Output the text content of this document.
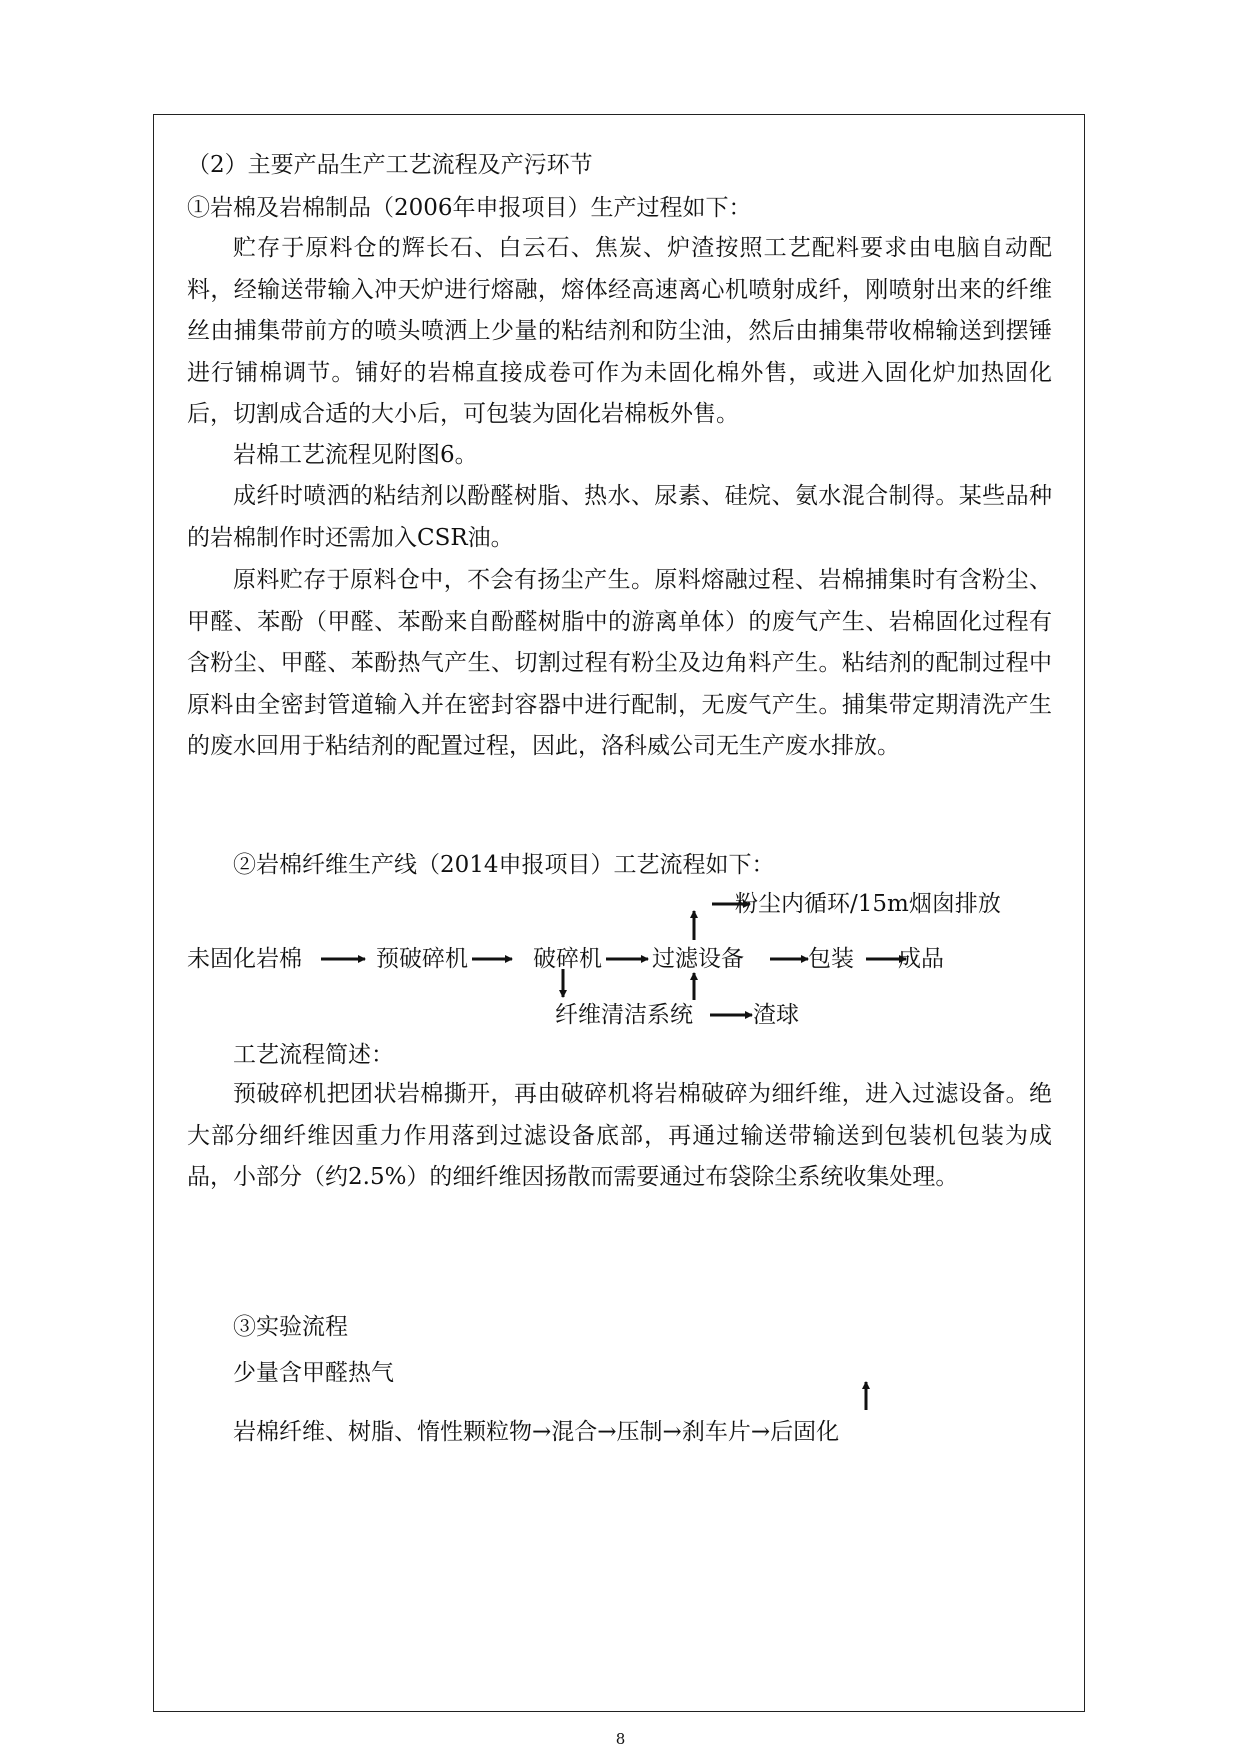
（2）主要产品生产工艺流程及产污环节
①岩棉及岩棉制品（2006年申报项目）生产过程如下：
贮存于原料仓的辉长石、白云石、焦炭、炉渣按照工艺配料要求由电脑自动配料，经输送带输入冲天炉进行熔融，熔体经高速离心机喷射成纤，刚喷射出来的纤维丝由捕集带前方的喷头喷洒上少量的粘结剂和防尘油，然后由捕集带收棉输送到摆锤进行铺棉调节。铺好的岩棉直接成卷可作为未固化棉外售，或进入固化炉加热固化后，切割成合适的大小后，可包装为固化岩棉板外售。
岩棉工艺流程见附图6。
成纤时喷洒的粘结剂以酚醛树脂、热水、尿素、硅烷、氨水混合制得。某些品种的岩棉制作时还需加入CSR油。
原料贮存于原料仓中，不会有扬尘产生。原料熔融过程、岩棉捕集时有含粉尘、甲醛、苯酚（甲醛、苯酚来自酚醛树脂中的游离单体）的废气产生、岩棉固化过程有含粉尘、甲醛、苯酚热气产生、切割过程有粉尘及边角料产生。粘结剂的配制过程中原料由全密封管道输入并在密封容器中进行配制，无废气产生。捕集带定期清洗产生的废水回用于粘结剂的配置过程，因此，洛科威公司无生产废水排放。
②岩棉纤维生产线（2014申报项目）工艺流程如下：
粉尘内循环/15m烟囱排放
未固化岩棉	预破碎机	破碎机 过滤设备	包装 成品
纤维清洁系统	渣球
工艺流程简述：
预破碎机把团状岩棉撕开，再由破碎机将岩棉破碎为细纤维，进入过滤设备。绝大部分细纤维因重力作用落到过滤设备底部，再通过输送带输送到包装机包装为成品，小部分（约2.5%）的细纤维因扬散而需要通过布袋除尘系统收集处理。
③实验流程
少量含甲醛热气
岩棉纤维、树脂、惰性颗粒物→混合→压制→刹车片→后固化
8
